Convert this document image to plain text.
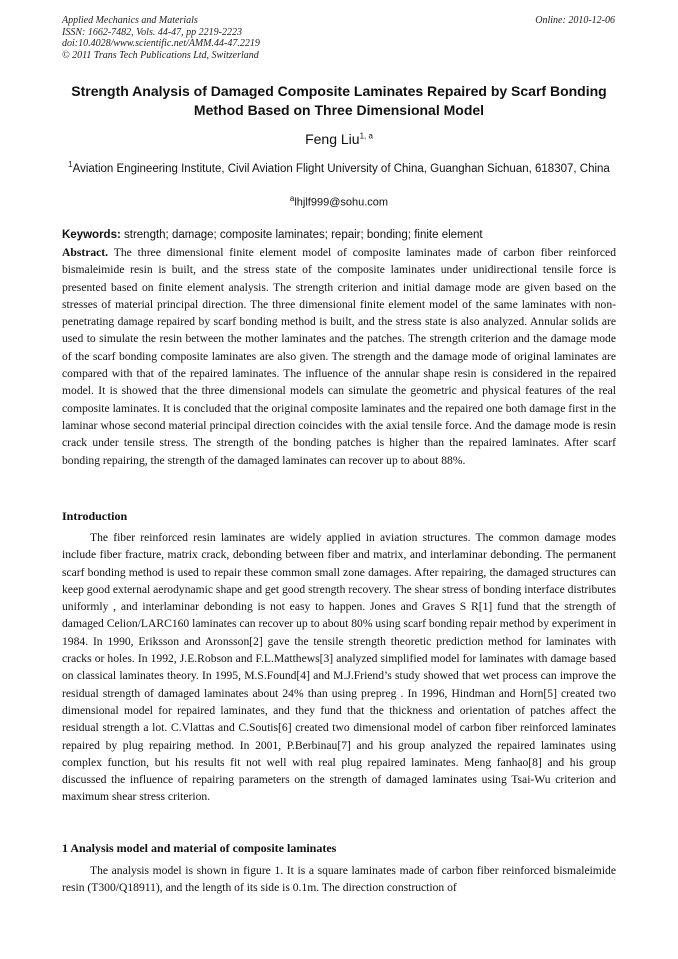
Applied Mechanics and Materials
ISSN: 1662-7482, Vols. 44-47, pp 2219-2223
doi:10.4028/www.scientific.net/AMM.44-47.2219
© 2011 Trans Tech Publications Ltd, Switzerland
Online: 2010-12-06
Strength Analysis of Damaged Composite Laminates Repaired by Scarf Bonding Method Based on Three Dimensional Model
Feng Liu$^{1, a}$
$^1$Aviation Engineering Institute, Civil Aviation Flight University of China, Guanghan Sichuan, 618307, China
$^a$lhjlf999@sohu.com
Keywords: strength; damage; composite laminates; repair; bonding; finite element
Abstract. The three dimensional finite element model of composite laminates made of carbon fiber reinforced bismaleimide resin is built, and the stress state of the composite laminates under unidirectional tensile force is presented based on finite element analysis. The strength criterion and initial damage mode are given based on the stresses of material principal direction. The three dimensional finite element model of the same laminates with non-penetrating damage repaired by scarf bonding method is built, and the stress state is also analyzed. Annular solids are used to simulate the resin between the mother laminates and the patches. The strength criterion and the damage mode of the scarf bonding composite laminates are also given. The strength and the damage mode of original laminates are compared with that of the repaired laminates. The influence of the annular shape resin is considered in the repaired model. It is showed that the three dimensional models can simulate the geometric and physical features of the real composite laminates. It is concluded that the original composite laminates and the repaired one both damage first in the laminar whose second material principal direction coincides with the axial tensile force. And the damage mode is resin crack under tensile stress. The strength of the bonding patches is higher than the repaired laminates. After scarf bonding repairing, the strength of the damaged laminates can recover up to about 88%.
Introduction
The fiber reinforced resin laminates are widely applied in aviation structures. The common damage modes include fiber fracture, matrix crack, debonding between fiber and matrix, and interlaminar debonding. The permanent scarf bonding method is used to repair these common small zone damages. After repairing, the damaged structures can keep good external aerodynamic shape and get good strength recovery. The shear stress of bonding interface distributes uniformly , and interlaminar debonding is not easy to happen. Jones and Graves S R[1] fund that the strength of damaged Celion/LARC160 laminates can recover up to about 80% using scarf bonding repair method by experiment in 1984. In 1990, Eriksson and Aronsson[2] gave the tensile strength theoretic prediction method for laminates with cracks or holes. In 1992, J.E.Robson and F.L.Matthews[3] analyzed simplified model for laminates with damage based on classical laminates theory. In 1995, M.S.Found[4] and M.J.Friend’s study showed that wet process can improve the residual strength of damaged laminates about 24% than using prepreg . In 1996, Hindman and Horn[5] created two dimensional model for repaired laminates, and they fund that the thickness and orientation of patches affect the residual strength a lot. C.Vlattas and C.Soutis[6] created two dimensional model of carbon fiber reinforced laminates repaired by plug repairing method. In 2001, P.Berbinau[7] and his group analyzed the repaired laminates using complex function, but his results fit not well with real plug repaired laminates. Meng fanhao[8] and his group discussed the influence of repairing parameters on the strength of damaged laminates using Tsai-Wu criterion and maximum shear stress criterion.
1 Analysis model and material of composite laminates
The analysis model is shown in figure 1. It is a square laminates made of carbon fiber reinforced bismaleimide resin (T300/Q18911), and the length of its side is 0.1m. The direction construction of
